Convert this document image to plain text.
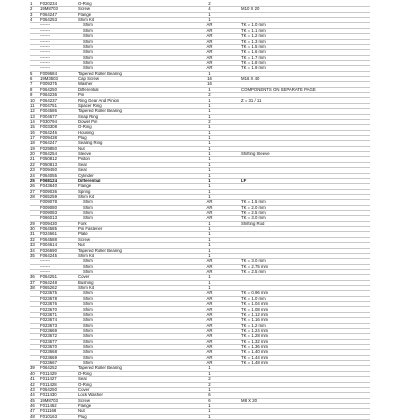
1	F020234	O-Ring	2	
2	19M8703	Screw	4	M10 X 20
3	F064247	Flange	1	
4	F064253	Shim Kit	1	
	-------	Shim	AR	TK = 1.0 mm
	-------	Shim	AR	TK = 1.1 mm
	-------	Shim	AR	TK = 1.2 mm
	-------	Shim	AR	TK = 1.3 mm
	-------	Shim	AR	TK = 1.5 mm
	-------	Shim	AR	TK = 1.6 mm
	-------	Shim	AR	TK = 1.7 mm
	-------	Shim	AR	TK = 1.8 mm
	-------	Shim	AR	TK = 1.9 mm
5	F009684	Tapered Roller Bearing	1	
6	19M3503	Cap Screw	16	M16 X 40
7	F009375	Washer	16	
8	F064250	Differential	1	COMPONENTS ON SEPARATE PAGE
9	F064236	Pin	2	
10	F064237	Ring Gear And Pinion	1	Z = 31 / 11
11	F004751	Spacer Ring	1	
12	F004586	Tapered Roller Bearing	1	
13	F004677	Snap Ring	1	
14	F030794	Dowel Pin	2	
15	F003308	O-Ring	1	
16	F064246	Housing	1	
17	F009438	Plug	1	
18	F064247	Sealing Ring	1	
19	F029850	Nut	1	
20	F064254	Sleeve	1	Shifting Sleeve
21	F050812	Piston	1	
22	F050813	Seal	1	
23	F009450	Seal	1	
24	F064055	Cylinder	1	
25	F068124	Differential	1	LF
26	F043640	Flange	1	
27	F009036	Spring	1	
28	F065259	Shim Kit	1	
	F009078	Shim	AR	TK = 1.5 mm
	F009080	Shim	AR	TK = 2.0 mm
	F009083	Shim	AR	TK = 2.5 mm
	F066013	Shim	AR	TK = 3.0 mm
29	F009430	Fork	1	Shifting Rod
30	F064585	Pin Fastener	1	
31	F024661	Plate	1	
32	F064588	Screw	1	
33	F004614	Nut	1	
34	F026690	Tapered Roller Bearing	1	
35	F064245	Shim Kit	1	
	-------	Shim	AR	TK = 3.0 mm
	-------	Shim	AR	TK = 2.75 mm
	-------	Shim	AR	TK = 2.5 mm
36	F064251	Cover	1	
37	F064248	Bushing	1	
38	F065262	Shim Kit	1	
	F023675	Shim	AR	TK = 0.96 mm
	F023678	Shim	AR	TK = 1.0 mm
	F023676	Shim	AR	TK = 1.04 mm
	F023670	Shim	AR	TK = 1.08 mm
	F023671	Shim	AR	TK = 1.12 mm
	F023674	Shim	AR	TK = 1.16 mm
	F023673	Shim	AR	TK = 1.2 mm
	F023669	Shim	AR	TK = 1.24 mm
	F023672	Shim	AR	TK = 1.28 mm
	F023677	Shim	AR	TK = 1.32 mm
	F023670	Shim	AR	TK = 1.36 mm
	F023668	Shim	AR	TK = 1.40 mm
	F023669	Shim	AR	TK = 1.44 mm
	F023667	Shim	AR	TK = 1.48 mm
39	F064252	Tapered Roller Bearing	1	
40	F011429	O-Ring	1	
41	F011427	Seal	2	
42	F011428	O-Ring	2	
43	F064250	Cover	1	
44	F011430	Lock Washer	6	
45	19M8703	Screw	6	M8 X 20
46	F011462	Flange	1	
47	F011168	Nut	1	
48	F010163	Plug	1	
